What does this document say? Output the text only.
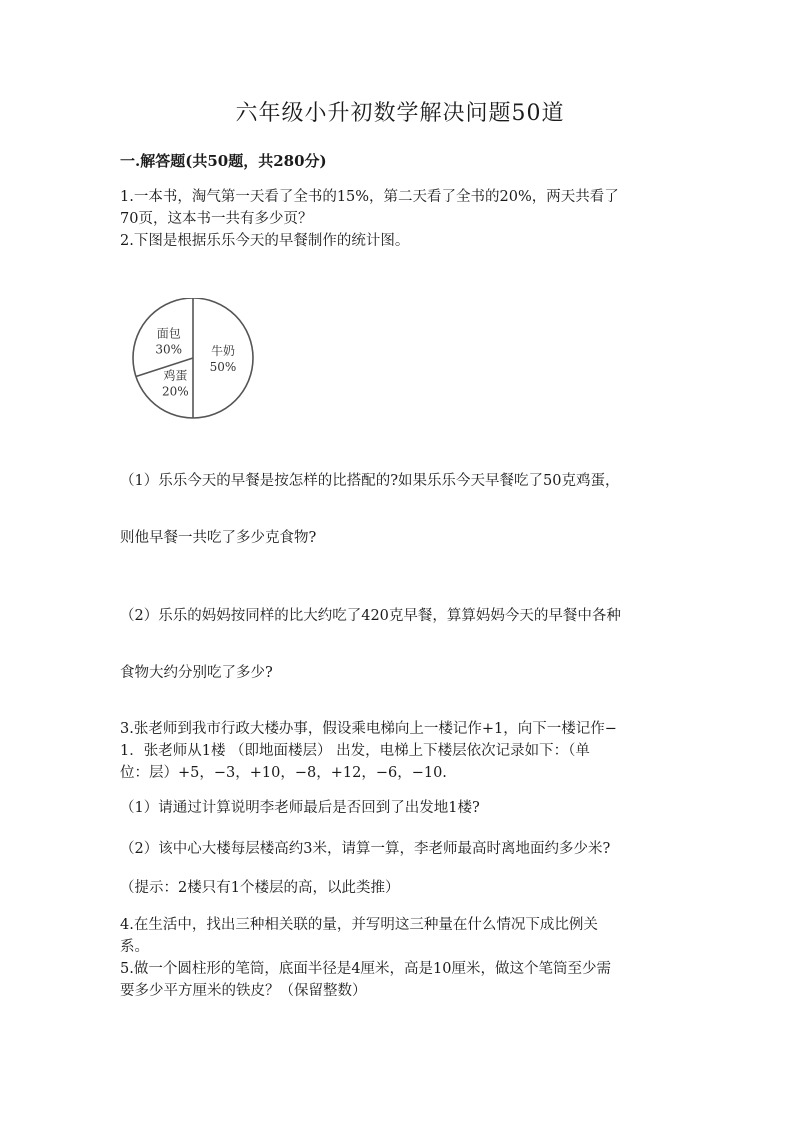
六年级小升初数学解决问题50道
一.解答题(共50题，共280分)

1.一本书，淘气第一天看了全书的15%，第二天看了全书的20%，两天共看了

70页，这本书一共有多少页？

2.下图是根据乐乐今天的早餐制作的统计图。

牛奶
50%
鸡蛋
20%
面包
30%

（1）乐乐今天的早餐是按怎样的比搭配的?如果乐乐今天早餐吃了50克鸡蛋，

则他早餐一共吃了多少克食物?

（2）乐乐的妈妈按同样的比大约吃了420克早餐，算算妈妈今天的早餐中各种

食物大约分别吃了多少?

3.张老师到我市行政大楼办事，假设乘电梯向上一楼记作+1，向下一楼记作−

1．张老师从1楼 （即地面楼层） 出发，电梯上下楼层依次记录如下：（单

位：层）+5，−3，+10，−8，+12，−6，−10.

（1）请通过计算说明李老师最后是否回到了出发地1楼?

（2）该中心大楼每层楼高约3米，请算一算，李老师最高时离地面约多少米?

（提示：2楼只有1个楼层的高，以此类推）

4.在生活中，找出三种相关联的量，并写明这三种量在什么情况下成比例关

系。

5.做一个圆柱形的笔筒，底面半径是4厘米，高是10厘米，做这个笔筒至少需

要多少平方厘米的铁皮？（保留整数）
